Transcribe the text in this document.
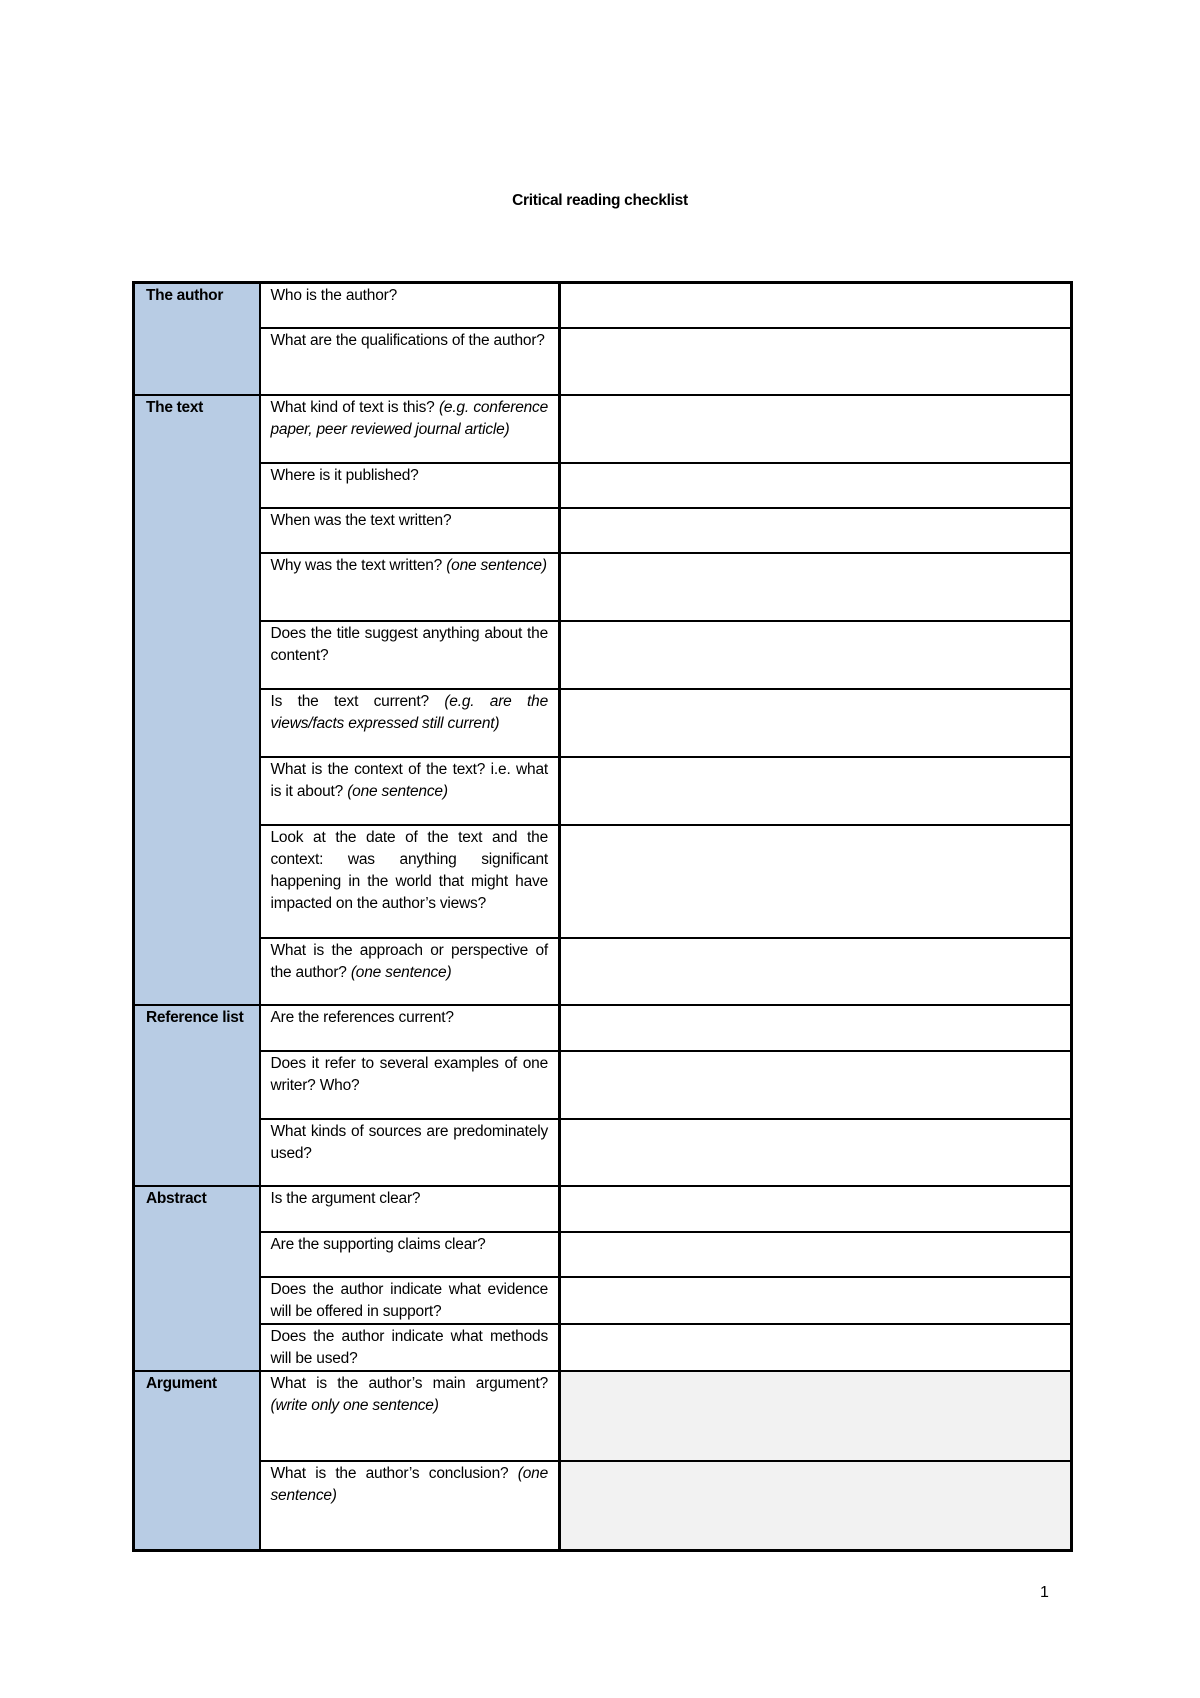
Critical reading checklist
The author	Who is the author?	
	What are the qualifications of the author?	
The text	What kind of text is this? (e.g. conference paper, peer reviewed journal article)	
	Where is it published?	
	When was the text written?	
	Why was the text written? (one sentence)	
	Does the title suggest anything about the content?	
	Is the text current? (e.g. are the views/facts expressed still current)	
	What is the context of the text? i.e. what is it about? (one sentence)	
	Look at the date of the text and the context: was anything significant happening in the world that might have impacted on the author’s views?	
	What is the approach or perspective of the author? (one sentence)	
Reference list	Are the references current?	
	Does it refer to several examples of one writer? Who?	
	What kinds of sources are predominately used?	
Abstract	Is the argument clear?	
	Are the supporting claims clear?	
	Does the author indicate what evidence will be offered in support?	
	Does the author indicate what methods will be used?	
Argument	What is the author’s main argument? (write only one sentence)	
	What is the author’s conclusion? (one sentence)	
1
